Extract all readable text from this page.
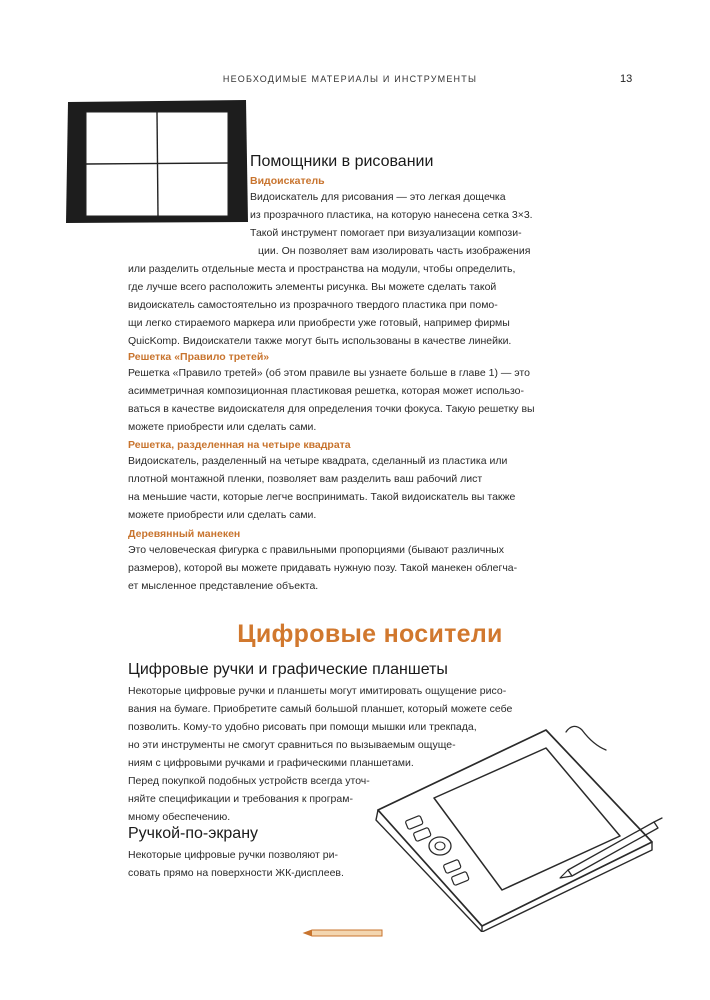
НЕОБХОДИМЫЕ МАТЕРИАЛЫ И ИНСТРУМЕНТЫ	13
Помощники в рисовании
Видоискатель
Видоискатель для рисования — это легкая дощечка
из прозрачного пластика, на которую нанесена сетка 3×3.
Такой инструмент помогает при визуализации компози-
ции. Он позволяет вам изолировать часть изображения
или разделить отдельные места и пространства на модули, чтобы определить,
где лучше всего расположить элементы рисунка. Вы можете сделать такой
видоискатель самостоятельно из прозрачного твердого пластика при помо-
щи легко стираемого маркера или приобрести уже готовый, например фирмы
QuicKomp. Видоискатели также могут быть использованы в качестве линейки.
Решетка «Правило третей»
Решетка «Правило третей» (об этом правиле вы узнаете больше в главе 1) — это
асимметричная композиционная пластиковая решетка, которая может использо-
ваться в качестве видоискателя для определения точки фокуса. Такую решетку вы
можете приобрести или сделать сами.
Решетка, разделенная на четыре квадрата
Видоискатель, разделенный на четыре квадрата, сделанный из пластика или
плотной монтажной пленки, позволяет вам разделить ваш рабочий лист
на меньшие части, которые легче воспринимать. Такой видоискатель вы также
можете приобрести или сделать сами.
Деревянный манекен
Это человеческая фигурка с правильными пропорциями (бывают различных
размеров), которой вы можете придавать нужную позу. Такой манекен облегча-
ет мысленное представление объекта.
Цифровые носители
Цифровые ручки и графические планшеты
Некоторые цифровые ручки и планшеты могут имитировать ощущение рисо-
вания на бумаге. Приобретите самый большой планшет, который можете себе
позволить. Кому-то удобно рисовать при помощи мышки или трекпада,
но эти инструменты не смогут сравниться по вызываемым ощуще-
ниям с цифровыми ручками и графическими планшетами.
Перед покупкой подобных устройств всегда уточ-
няйте спецификации и требования к програм-
мному обеспечению.
Ручкой-по-экрану
Некоторые цифровые ручки позволяют ри-
совать прямо на поверхности ЖК-дисплеев.
